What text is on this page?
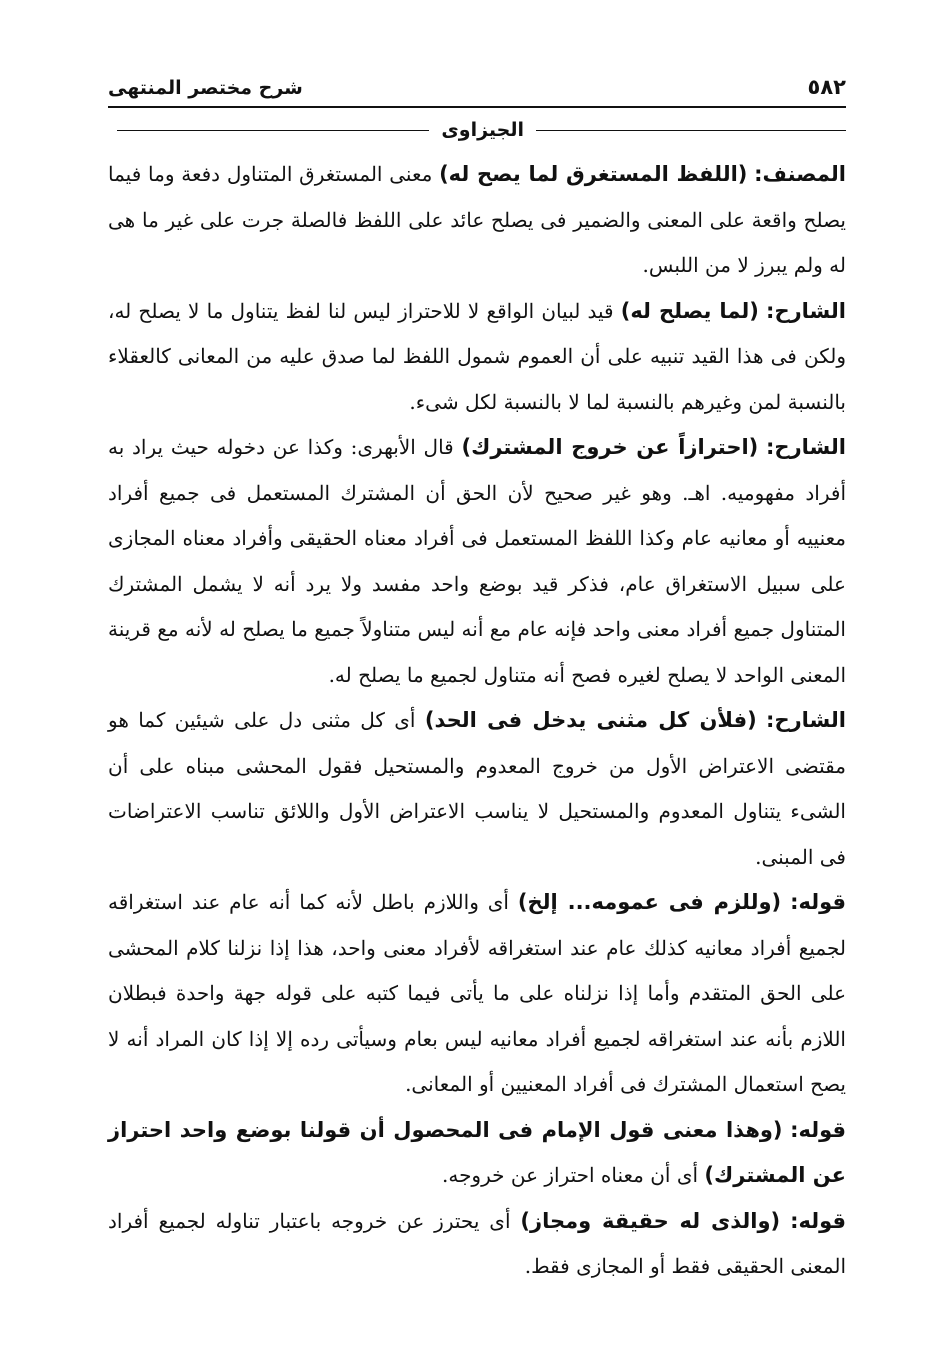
٥٨٢
شرح مختصر المنتهى
الجيزاوى

المصنف: (اللفظ المستغرق لما يصح له) معنى المستغرق المتناول دفعة وما فيما يصلح واقعة على المعنى والضمير فى يصلح عائد على اللفظ فالصلة جرت على غير ما هى له ولم يبرز لا من اللبس.

الشارح: (لما يصلح له) قيد لبيان الواقع لا للاحتراز ليس لنا لفظ يتناول ما لا يصلح له، ولكن فى هذا القيد تنبيه على أن العموم شمول اللفظ لما صدق عليه من المعانى كالعقلاء بالنسبة لمن وغيرهم بالنسبة لما لا بالنسبة لكل شىء.

الشارح: (احترازاً عن خروج المشترك) قال الأبهرى: وكذا عن دخوله حيث يراد به أفراد مفهوميه. اهـ. وهو غير صحيح لأن الحق أن المشترك المستعمل فى جميع أفراد معنييه أو معانيه عام وكذا اللفظ المستعمل فى أفراد معناه الحقيقى وأفراد معناه المجازى على سبيل الاستغراق عام، فذكر قيد بوضع واحد مفسد ولا يرد أنه لا يشمل المشترك المتناول جميع أفراد معنى واحد فإنه عام مع أنه ليس متناولاً جميع ما يصلح له لأنه مع قرينة المعنى الواحد لا يصلح لغيره فصح أنه متناول لجميع ما يصلح له.

الشارح: (فلأن كل مثنى يدخل فى الحد) أى كل مثنى دل على شيئين كما هو مقتضى الاعتراض الأول من خروج المعدوم والمستحيل فقول المحشى مبناه على أن الشىء يتناول المعدوم والمستحيل لا يناسب الاعتراض الأول واللائق تناسب الاعتراضات فى المبنى.

قوله: (وللزم فى عمومه... إلخ) أى واللازم باطل لأنه كما أنه عام عند استغراقه لجميع أفراد معانيه كذلك عام عند استغراقه لأفراد معنى واحد، هذا إذا نزلنا كلام المحشى على الحق المتقدم وأما إذا نزلناه على ما يأتى فيما كتبه على قوله جهة واحدة فبطلان اللازم بأنه عند استغراقه لجميع أفراد معانيه ليس بعام وسيأتى رده إلا إذا كان المراد أنه لا يصح استعمال المشترك فى أفراد المعنيين أو المعانى.

قوله: (وهذا معنى قول الإمام فى المحصول أن قولنا بوضع واحد احتراز عن المشترك) أى أن معناه احتراز عن خروجه.

قوله: (والذى له حقيقة ومجاز) أى يحترز عن خروجه باعتبار تناوله لجميع أفراد المعنى الحقيقى فقط أو المجازى فقط.
